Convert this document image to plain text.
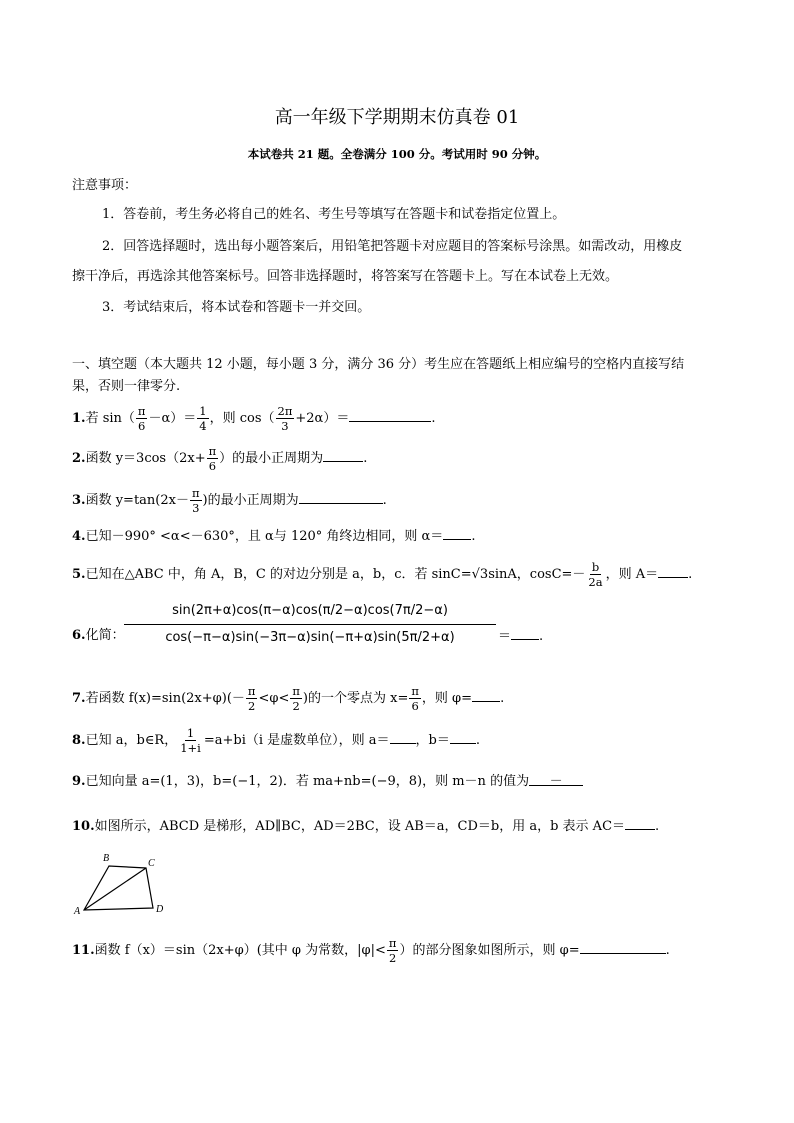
高一年级下学期期末仿真卷 01
本试卷共 21 题。全卷满分 100 分。考试用时 90 分钟。
注意事项：
1．答卷前，考生务必将自己的姓名、考生号等填写在答题卡和试卷指定位置上。
2．回答选择题时，选出每小题答案后，用铅笔把答题卡对应题目的答案标号涂黑。如需改动，用橡皮
擦干净后，再选涂其他答案标号。回答非选择题时，将答案写在答题卡上。写在本试卷上无效。
3．考试结束后，将本试卷和答题卡一并交回。
一、填空题（本大题共 12 小题，每小题 3 分，满分 36 分）考生应在答题纸上相应编号的空格内直接写结
果，否则一律零分.
1.若 $\sin( \frac{\pi}{6} -\alpha)= \frac{1}{4}$ ，则 $\cos( \frac{2\pi}{3} +2\alpha)=$	.
2.函数 $y=3\cos(2x+ \frac{\pi}{6}$ ）的最小正周期为	.
3.函数 $y=\tan(2x- \frac{\pi}{3}$ )的最小正周期为	.
4.已知－990° <α<－630°，且 α与 120° 角终边相同，则 α＝ .
5.已知在△ABC 中，角 A，B，C 的对边分别是 a，b，c．若 sinC=√3sinA，$\cos C=- \frac{b}{2a}$ ，则 A＝ .
6.化简：
sin(2π+α)cos(π−α)cos(π/2−α)cos(7π/2−α)
cos(−π−α)sin(−3π−α)sin(−π+α)sin(5π/2+α)	＝ .
7.若函数 $f(x)=\sin(2x+\varphi)(- \frac{\pi}{2} <\varphi< \frac{\pi}{2}$ )的一个零点为 $x= \frac{\pi}{6}$ ，则 φ= .
8.已知 a，b∈R， $\frac{1}{1+i} =a+bi(i$ 是虚数单位），则 a＝ ，b＝ .
9.已知向量 a=(1，3)，b=(−1，2)．若 ma+nb=(−9，8)，则 m－n 的值为 －
10.如图所示，ABCD 是梯形，AD∥BC，AD＝2BC，设 AB＝a，CD＝b，用 a，b 表示 AC＝ .
A
B	C
D
11.函数 f（x）＝sin（2x+φ）(其中 φ 为常数，$|\varphi|< \frac{\pi}{2}$ ）的部分图象如图所示，则 φ=	.
